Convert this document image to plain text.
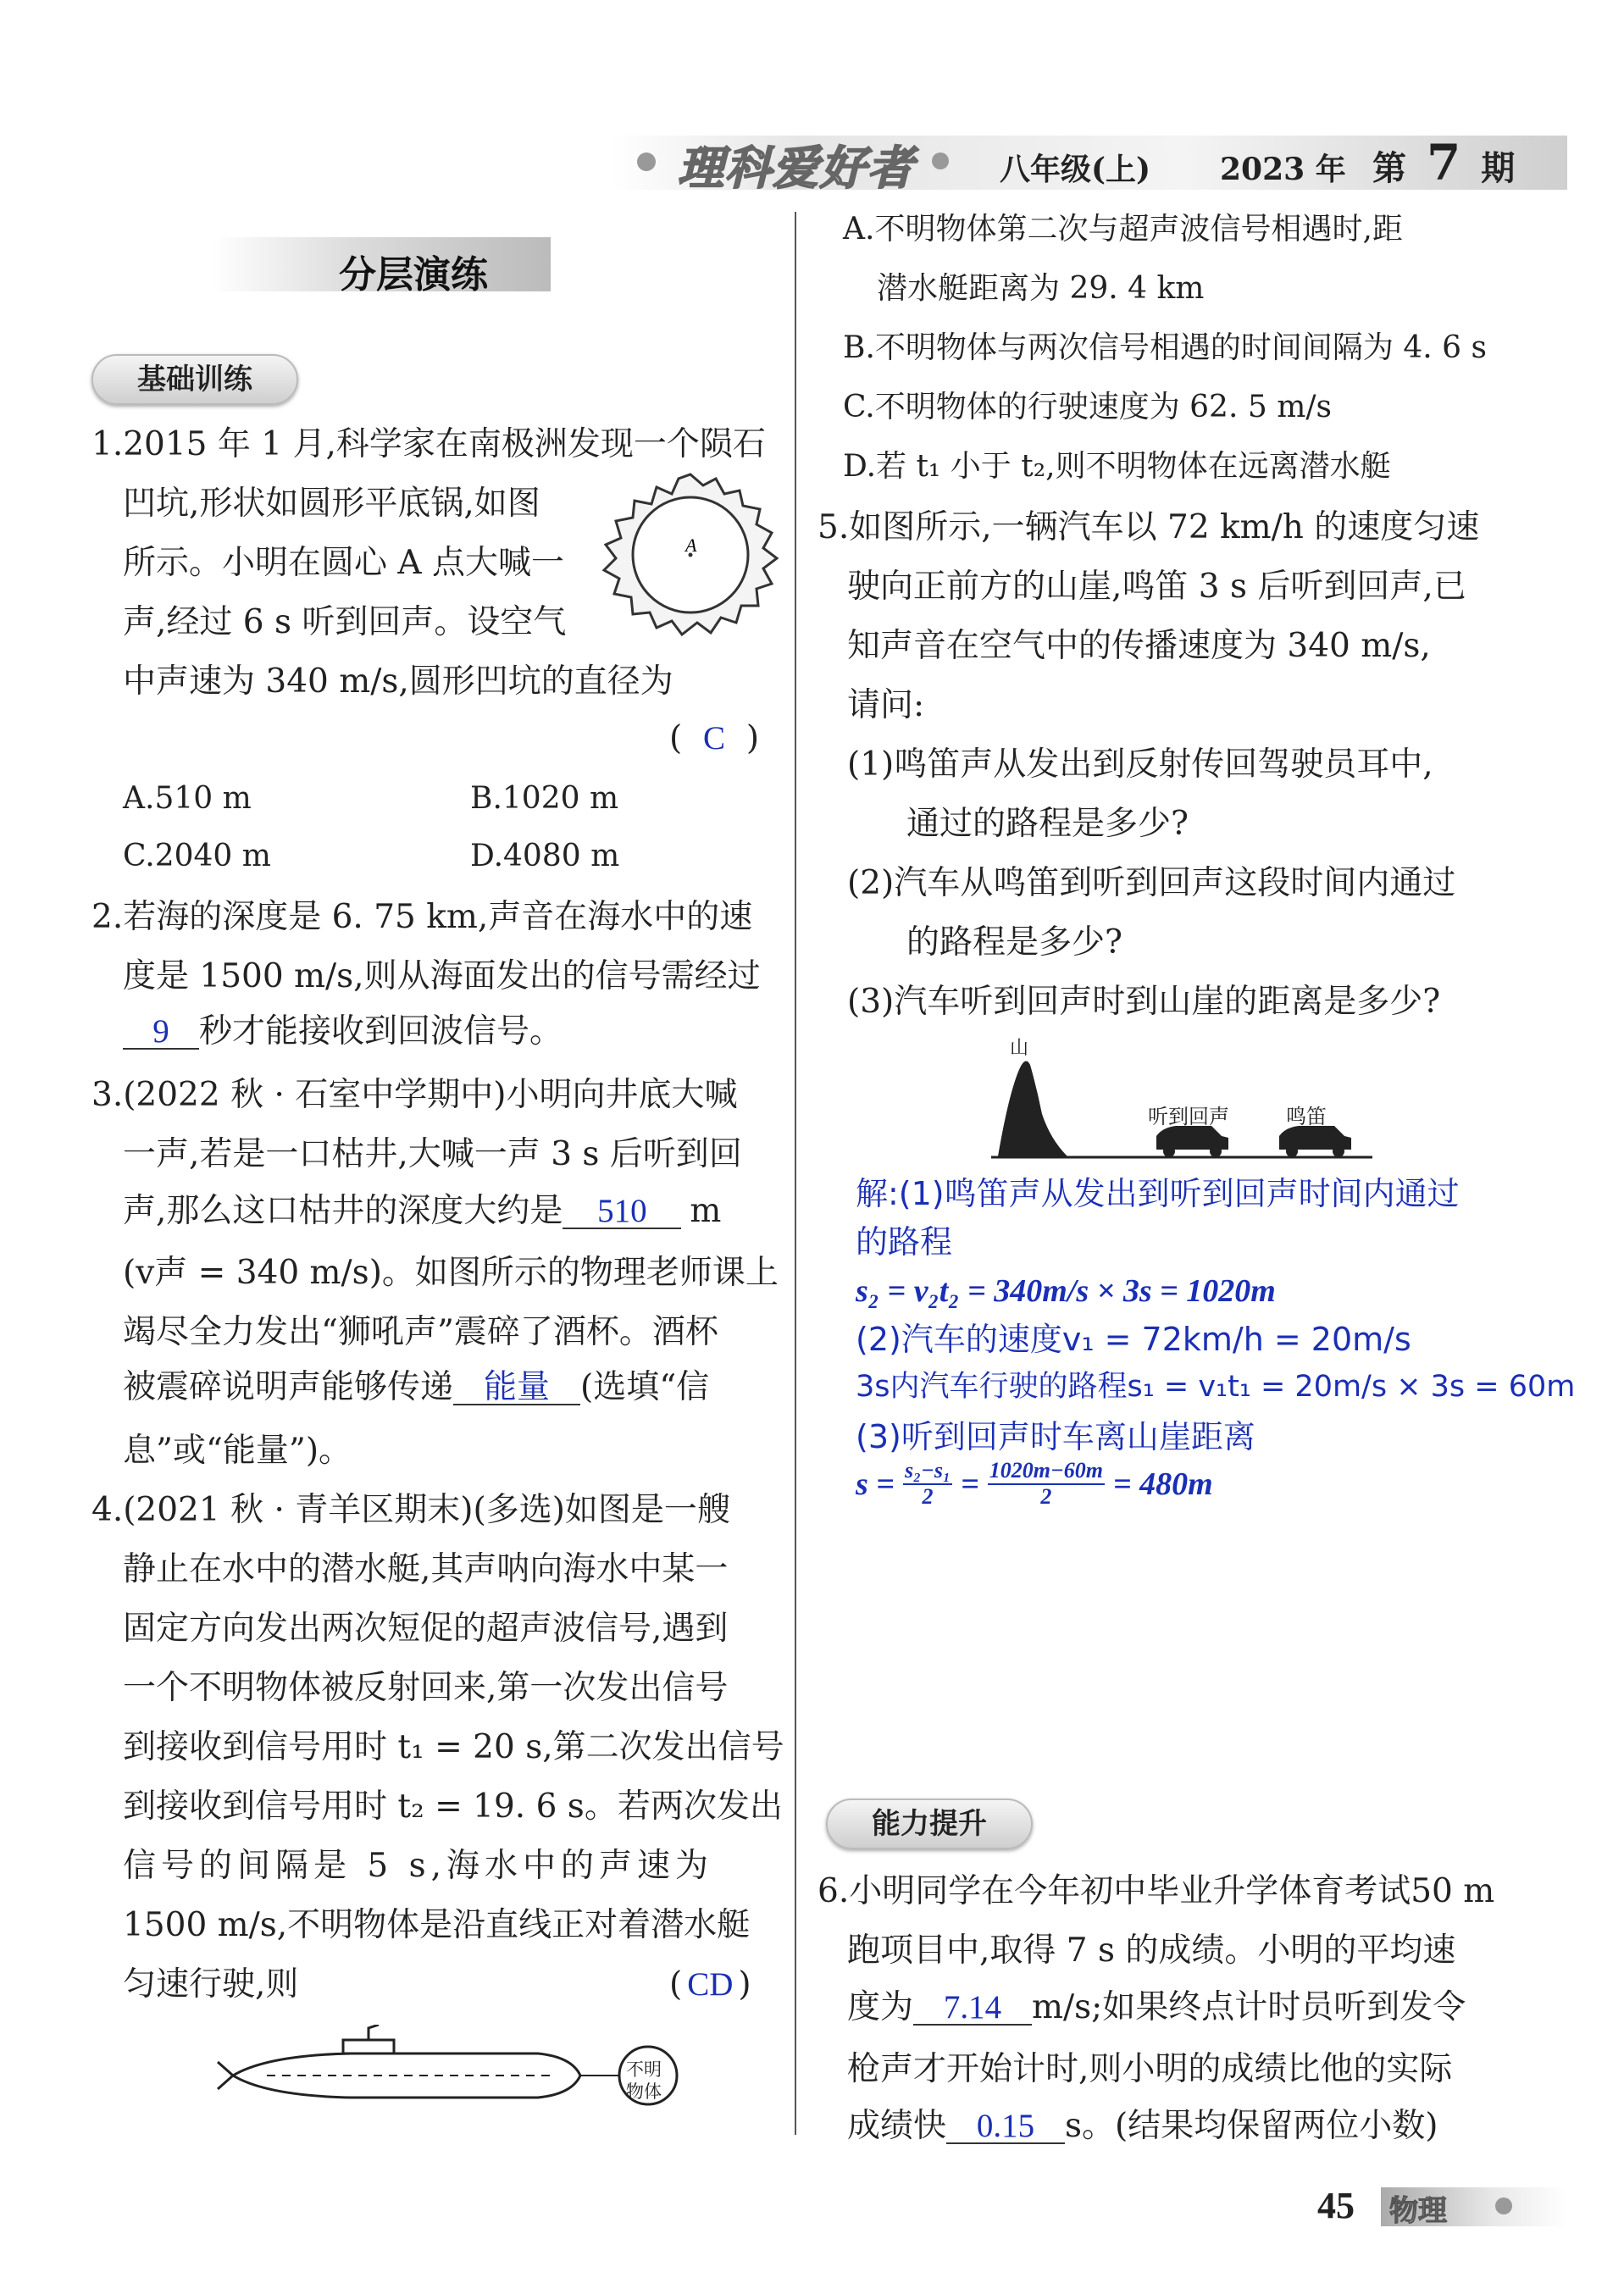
理科爱好者	八年级(上) 2023 年 第 7 期
分层演练
基础训练
1.2015 年 1 月,科学家在南极洲发现一个陨石
凹坑,形状如圆形平底锅,如图
所示。小明在圆心 A 点大喊一
声,经过 6 s 听到回声。设空气
中声速为 340 m/s,圆形凹坑的直径为
A
( C )
A.510 m	B.1020 m
C.2040 m	D.4080 m
2.若海的深度是 6. 75 km,声音在海水中的速
度是 1500 m/s,则从海面发出的信号需经过
9 秒才能接收到回波信号。
3.(2022 秋 · 石室中学期中)小明向井底大喊
一声,若是一口枯井,大喊一声 3 s 后听到回
声,那么这口枯井的深度大约是 510 m
(v声 = 340 m/s)。如图所示的物理老师课上
竭尽全力发出“狮吼声”震碎了酒杯。酒杯
被震碎说明声能够传递 能量 (选填“信
息”或“能量”)。
4.(2021 秋 · 青羊区期末)(多选)如图是一艘
静止在水中的潜水艇,其声呐向海水中某一
固定方向发出两次短促的超声波信号,遇到
一个不明物体被反射回来,第一次发出信号
到接收到信号用时 t₁ = 20 s,第二次发出信号
到接收到信号用时 t₂ = 19. 6 s。若两次发出
信号的间隔是 5 s,海水中的声速为
1500 m/s,不明物体是沿直线正对着潜水艇
匀速行驶,则	( CD )
不明物体
A.不明物体第二次与超声波信号相遇时,距
潜水艇距离为 29. 4 km
B.不明物体与两次信号相遇的时间间隔为 4. 6 s
C.不明物体的行驶速度为 62. 5 m/s
D.若 t₁ 小于 t₂,则不明物体在远离潜水艇
5.如图所示,一辆汽车以 72 km/h 的速度匀速
驶向正前方的山崖,鸣笛 3 s 后听到回声,已
知声音在空气中的传播速度为 340 m/s,
请问:
(1)鸣笛声从发出到反射传回驾驶员耳中,
通过的路程是多少?
(2)汽车从鸣笛到听到回声这段时间内通过
的路程是多少?
(3)汽车听到回声时到山崖的距离是多少?
山
听到回声	鸣笛
解:(1)鸣笛声从发出到听到回声时间内通过
的路程
s₂ = v₂t₂ = 340m/s × 3s = 1020m
(2)汽车的速度v₁ = 72km/h = 20m/s
3s内汽车行驶的路程s₁ = v₁t₁ = 20m/s × 3s = 60m
(3)听到回声时车离山崖距离
$s = \frac{\text{s₂−s₁}}{2} = \frac{1020m-60m}{2} = 480m$
能力提升
6.小明同学在今年初中毕业升学体育考试50 m
跑项目中,取得 7 s 的成绩。小明的平均速
度为 7.14 m/s;如果终点计时员听到发令
枪声才开始计时,则小明的成绩比他的实际
成绩快 0.15 s。(结果均保留两位小数)
45 物理
